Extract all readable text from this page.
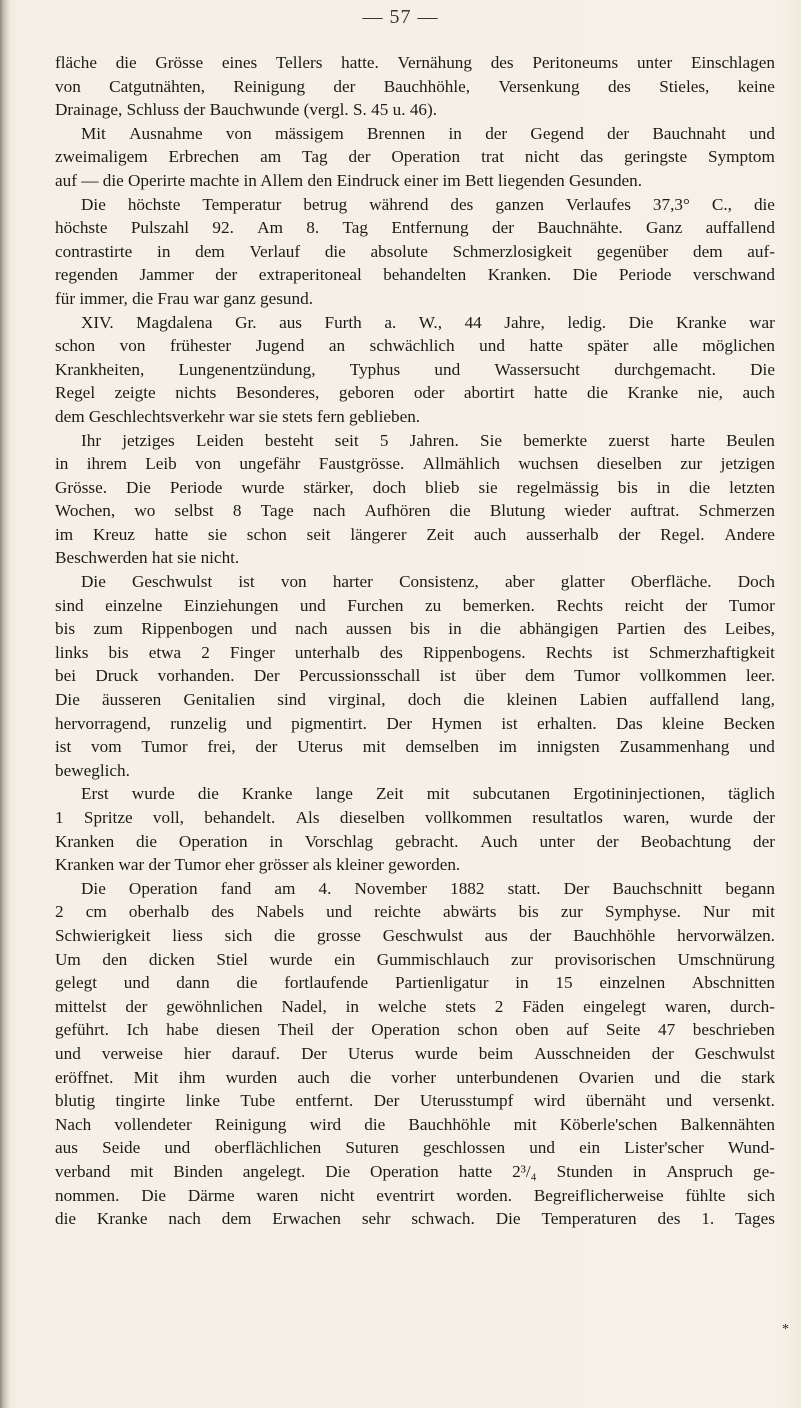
— 57 —
fläche die Grösse eines Tellers hatte. Vernähung des Peritoneums unter Einschlagen
von Catgutnähten, Reinigung der Bauchhöhle, Versenkung des Stieles, keine
Drainage, Schluss der Bauchwunde (vergl. S. 45 u. 46).
Mit Ausnahme von mässigem Brennen in der Gegend der Bauchnaht und
zweimaligem Erbrechen am Tag der Operation trat nicht das geringste Symptom
auf — die Operirte machte in Allem den Eindruck einer im Bett liegenden Gesunden.
Die höchste Temperatur betrug während des ganzen Verlaufes 37,3° C., die
höchste Pulszahl 92. Am 8. Tag Entfernung der Bauchnähte. Ganz auffallend
contrastirte in dem Verlauf die absolute Schmerzlosigkeit gegenüber dem auf-
regenden Jammer der extraperitoneal behandelten Kranken. Die Periode verschwand
für immer, die Frau war ganz gesund.
XIV. Magdalena Gr. aus Furth a. W., 44 Jahre, ledig. Die Kranke war
schon von frühester Jugend an schwächlich und hatte später alle möglichen
Krankheiten, Lungenentzündung, Typhus und Wassersucht durchgemacht. Die
Regel zeigte nichts Besonderes, geboren oder abortirt hatte die Kranke nie, auch
dem Geschlechtsverkehr war sie stets fern geblieben.
Ihr jetziges Leiden besteht seit 5 Jahren. Sie bemerkte zuerst harte Beulen
in ihrem Leib von ungefähr Faustgrösse. Allmählich wuchsen dieselben zur jetzigen
Grösse. Die Periode wurde stärker, doch blieb sie regelmässig bis in die letzten
Wochen, wo selbst 8 Tage nach Aufhören die Blutung wieder auftrat. Schmerzen
im Kreuz hatte sie schon seit längerer Zeit auch ausserhalb der Regel. Andere
Beschwerden hat sie nicht.
Die Geschwulst ist von harter Consistenz, aber glatter Oberfläche. Doch
sind einzelne Einziehungen und Furchen zu bemerken. Rechts reicht der Tumor
bis zum Rippenbogen und nach aussen bis in die abhängigen Partien des Leibes,
links bis etwa 2 Finger unterhalb des Rippenbogens. Rechts ist Schmerzhaftigkeit
bei Druck vorhanden. Der Percussionsschall ist über dem Tumor vollkommen leer.
Die äusseren Genitalien sind virginal, doch die kleinen Labien auffallend lang,
hervorragend, runzelig und pigmentirt. Der Hymen ist erhalten. Das kleine Becken
ist vom Tumor frei, der Uterus mit demselben im innigsten Zusammenhang und
beweglich.
Erst wurde die Kranke lange Zeit mit subcutanen Ergotininjectionen, täglich
1 Spritze voll, behandelt. Als dieselben vollkommen resultatlos waren, wurde der
Kranken die Operation in Vorschlag gebracht. Auch unter der Beobachtung der
Kranken war der Tumor eher grösser als kleiner geworden.
Die Operation fand am 4. November 1882 statt. Der Bauchschnitt begann
2 cm oberhalb des Nabels und reichte abwärts bis zur Symphyse. Nur mit
Schwierigkeit liess sich die grosse Geschwulst aus der Bauchhöhle hervorwälzen.
Um den dicken Stiel wurde ein Gummischlauch zur provisorischen Umschnürung
gelegt und dann die fortlaufende Partienligatur in 15 einzelnen Abschnitten
mittelst der gewöhnlichen Nadel, in welche stets 2 Fäden eingelegt waren, durch-
geführt. Ich habe diesen Theil der Operation schon oben auf Seite 47 beschrieben
und verweise hier darauf. Der Uterus wurde beim Ausschneiden der Geschwulst
eröffnet. Mit ihm wurden auch die vorher unterbundenen Ovarien und die stark
blutig tingirte linke Tube entfernt. Der Uterusstumpf wird übernäht und versenkt.
Nach vollendeter Reinigung wird die Bauchhöhle mit Köberle'schen Balkennähten
aus Seide und oberflächlichen Suturen geschlossen und ein Lister'scher Wund-
verband mit Binden angelegt. Die Operation hatte 2³/₄ Stunden in Anspruch ge-
nommen. Die Därme waren nicht eventrirt worden. Begreiflicherweise fühlte sich
die Kranke nach dem Erwachen sehr schwach. Die Temperaturen des 1. Tages
*
